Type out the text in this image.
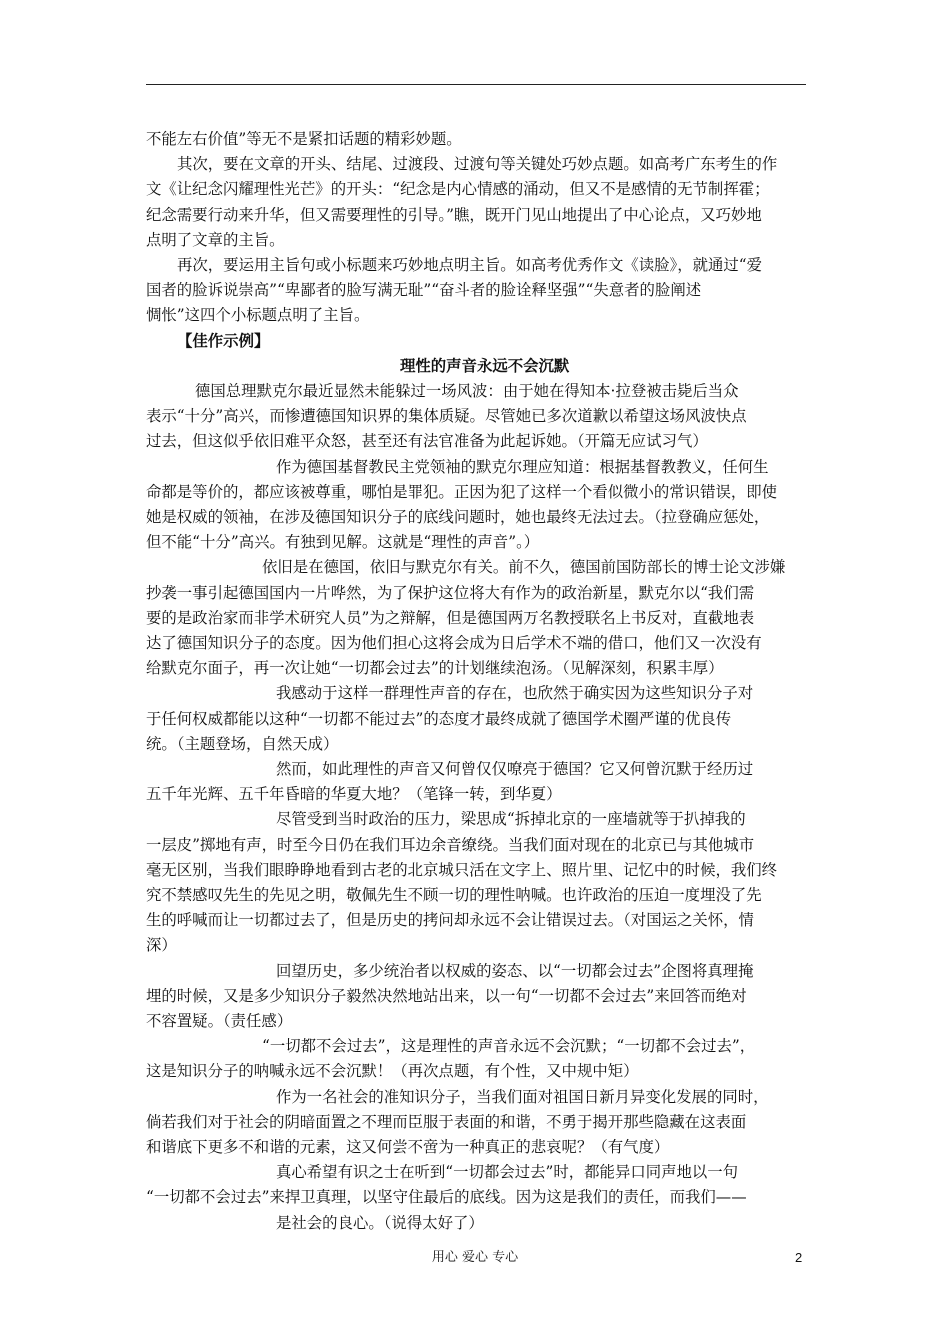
不能左右价值”等无不是紧扣话题的精彩妙题。
其次，要在文章的开头、结尾、过渡段、过渡句等关键处巧妙点题。如高考广东考生的作
文《让纪念闪耀理性光芒》的开头：“纪念是内心情感的涌动，但又不是感情的无节制挥霍；
纪念需要行动来升华，但又需要理性的引导。”瞧，既开门见山地提出了中心论点，又巧妙地
点明了文章的主旨。
再次，要运用主旨句或小标题来巧妙地点明主旨。如高考优秀作文《读脸》，就通过“爱
国者的脸诉说崇高”“卑鄙者的脸写满无耻”“奋斗者的脸诠释坚强”“失意者的脸阐述
惆怅”这四个小标题点明了主旨。
【佳作示例】
理性的声音永远不会沉默
德国总理默克尔最近显然未能躲过一场风波：由于她在得知本·拉登被击毙后当众
表示“十分”高兴，而惨遭德国知识界的集体质疑。尽管她已多次道歉以希望这场风波快点
过去，但这似乎依旧难平众怒，甚至还有法官准备为此起诉她。（开篇无应试习气）
作为德国基督教民主党领袖的默克尔理应知道：根据基督教教义，任何生
命都是等价的，都应该被尊重，哪怕是罪犯。正因为犯了这样一个看似微小的常识错误，即使
她是权威的领袖，在涉及德国知识分子的底线问题时，她也最终无法过去。（拉登确应惩处，
但不能“十分”高兴。有独到见解。这就是“理性的声音”。）
依旧是在德国，依旧与默克尔有关。前不久，德国前国防部长的博士论文涉嫌
抄袭一事引起德国国内一片哗然，为了保护这位将大有作为的政治新星，默克尔以“我们需
要的是政治家而非学术研究人员”为之辩解，但是德国两万名教授联名上书反对，直截地表
达了德国知识分子的态度。因为他们担心这将会成为日后学术不端的借口，他们又一次没有
给默克尔面子，再一次让她“一切都会过去”的计划继续泡汤。（见解深刻，积累丰厚）
我感动于这样一群理性声音的存在，也欣然于确实因为这些知识分子对
于任何权威都能以这种“一切都不能过去”的态度才最终成就了德国学术圈严谨的优良传
统。（主题登场，自然天成）
然而，如此理性的声音又何曾仅仅嘹亮于德国？它又何曾沉默于经历过
五千年光辉、五千年昏暗的华夏大地？（笔锋一转，到华夏）
尽管受到当时政治的压力，梁思成“拆掉北京的一座墙就等于扒掉我的
一层皮”掷地有声，时至今日仍在我们耳边余音缭绕。当我们面对现在的北京已与其他城市
毫无区别，当我们眼睁睁地看到古老的北京城只活在文字上、照片里、记忆中的时候，我们终
究不禁感叹先生的先见之明，敬佩先生不顾一切的理性呐喊。也许政治的压迫一度埋没了先
生的呼喊而让一切都过去了，但是历史的拷问却永远不会让错误过去。（对国运之关怀，情
深）
回望历史，多少统治者以权威的姿态、以“一切都会过去”企图将真理掩
埋的时候，又是多少知识分子毅然决然地站出来，以一句“一切都不会过去”来回答而绝对
不容置疑。（责任感）
“一切都不会过去”，这是理性的声音永远不会沉默；“一切都不会过去”，
这是知识分子的呐喊永远不会沉默！（再次点题，有个性，又中规中矩）
作为一名社会的准知识分子，当我们面对祖国日新月异变化发展的同时，
倘若我们对于社会的阴暗面置之不理而臣服于表面的和谐，不勇于揭开那些隐藏在这表面
和谐底下更多不和谐的元素，这又何尝不啻为一种真正的悲哀呢？（有气度）
真心希望有识之士在听到“一切都会过去”时，都能异口同声地以一句
“一切都不会过去”来捍卫真理，以坚守住最后的底线。因为这是我们的责任，而我们——
是社会的良心。（说得太好了）
用心 爱心 专心	2
